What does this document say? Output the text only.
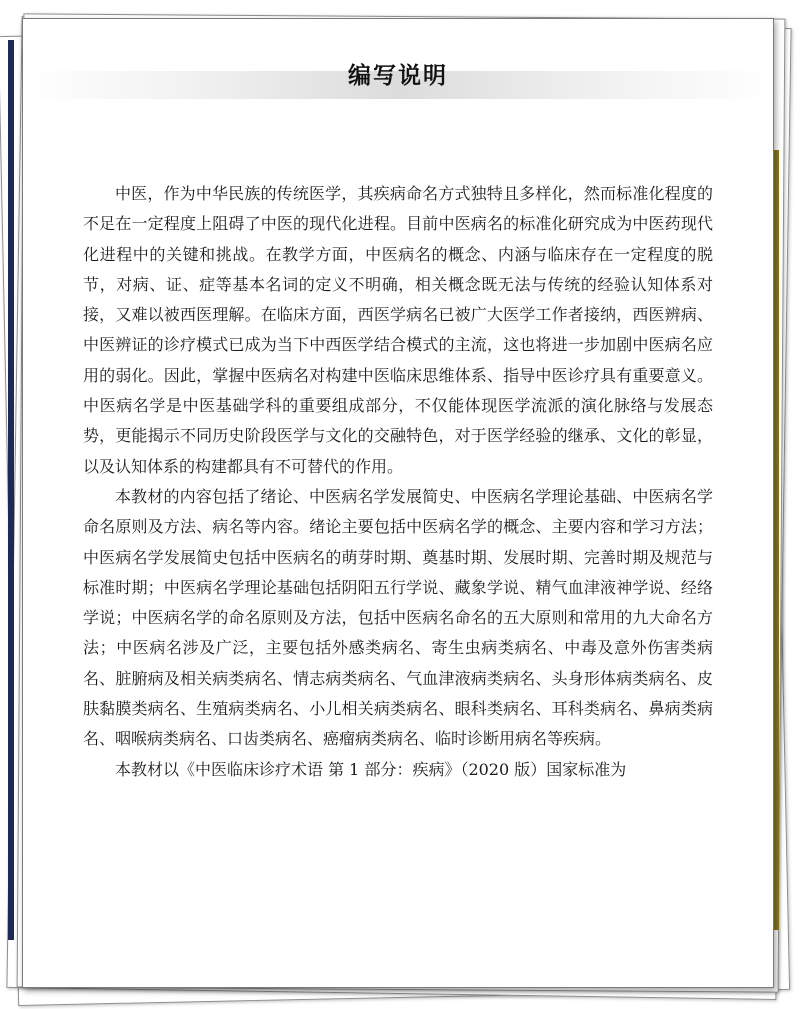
编写说明

中医，作为中华民族的传统医学，其疾病命名方式独特且多样化，然而标准化程度的不足在一定程度上阻碍了中医的现代化进程。目前中医病名的标准化研究成为中医药现代化进程中的关键和挑战。在教学方面，中医病名的概念、内涵与临床存在一定程度的脱节，对病、证、症等基本名词的定义不明确，相关概念既无法与传统的经验认知体系对接，又难以被西医理解。在临床方面，西医学病名已被广大医学工作者接纳，西医辨病、中医辨证的诊疗模式已成为当下中西医学结合模式的主流，这也将进一步加剧中医病名应用的弱化。因此，掌握中医病名对构建中医临床思维体系、指导中医诊疗具有重要意义。中医病名学是中医基础学科的重要组成部分，不仅能体现医学流派的演化脉络与发展态势，更能揭示不同历史阶段医学与文化的交融特色，对于医学经验的继承、文化的彰显，以及认知体系的构建都具有不可替代的作用。

本教材的内容包括了绪论、中医病名学发展简史、中医病名学理论基础、中医病名学命名原则及方法、病名等内容。绪论主要包括中医病名学的概念、主要内容和学习方法；中医病名学发展简史包括中医病名的萌芽时期、奠基时期、发展时期、完善时期及规范与标准时期；中医病名学理论基础包括阴阳五行学说、藏象学说、精气血津液神学说、经络学说；中医病名学的命名原则及方法，包括中医病名命名的五大原则和常用的九大命名方法；中医病名涉及广泛，主要包括外感类病名、寄生虫病类病名、中毒及意外伤害类病名、脏腑病及相关病类病名、情志病类病名、气血津液病类病名、头身形体病类病名、皮肤黏膜类病名、生殖病类病名、小儿相关病类病名、眼科类病名、耳科类病名、鼻病类病名、咽喉病类病名、口齿类病名、癌瘤病类病名、临时诊断用病名等疾病。

本教材以《中医临床诊疗术语 第 1 部分：疾病》（2020 版）国家标准为
